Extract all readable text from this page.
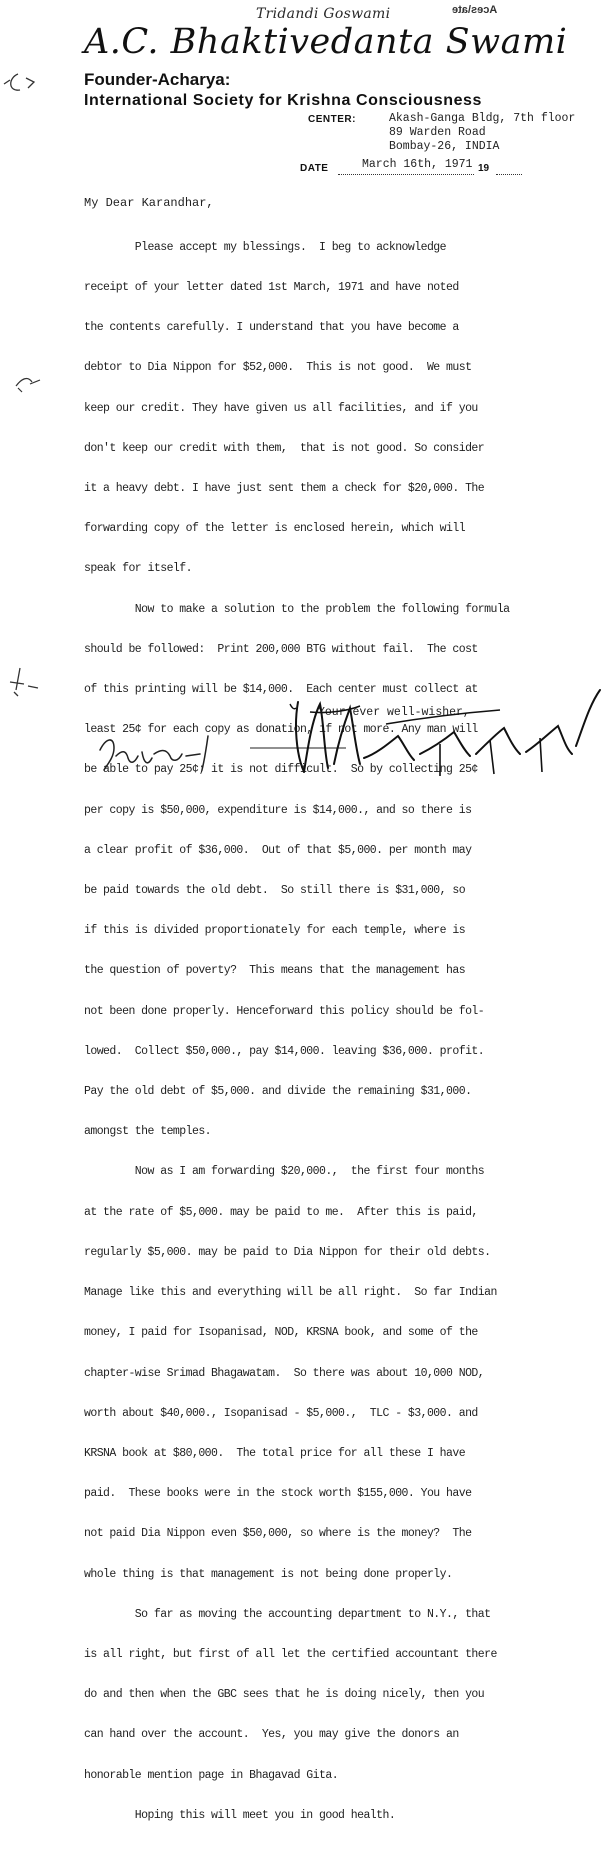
Tridandi Goswami	Aces\ate
A.C. Bhaktivedanta Swami
Founder-Acharya:
International Society for Krishna Consciousness
CENTER:	Akash-Ganga Bldg, 7th floor
89 Warden Road
Bombay-26, INDIA
DATE	March 16th, 1971 19
My Dear Karandhar,

Please accept my blessings.  I beg to acknowledge

receipt of your letter dated 1st March, 1971 and have noted

the contents carefully. I understand that you have become a

debtor to Dia Nippon for $52,000.  This is not good.  We must

keep our credit. They have given us all facilities, and if you

don't keep our credit with them,  that is not good. So consider

it a heavy debt. I have just sent them a check for $20,000. The

forwarding copy of the letter is enclosed herein, which will

speak for itself.

Now to make a solution to the problem the following formula

should be followed:  Print 200,000 BTG without fail.  The cost

of this printing will be $14,000.  Each center must collect at

least 25¢ for each copy as donation, if not more. Any man will

be able to pay 25¢; it is not difficult.  So by collecting 25¢

per copy is $50,000, expenditure is $14,000., and so there is

a clear profit of $36,000.  Out of that $5,000. per month may

be paid towards the old debt.  So still there is $31,000, so

if this is divided proportionately for each temple, where is

the question of poverty?  This means that the management has

not been done properly. Henceforward this policy should be fol-

lowed.  Collect $50,000., pay $14,000. leaving $36,000. profit.

Pay the old debt of $5,000. and divide the remaining $31,000.

amongst the temples.

Now as I am forwarding $20,000.,  the first four months

at the rate of $5,000. may be paid to me.  After this is paid,

regularly $5,000. may be paid to Dia Nippon for their old debts.

Manage like this and everything will be all right.  So far Indian

money, I paid for Isopanisad, NOD, KRSNA book, and some of the

chapter-wise Srimad Bhagawatam.  So there was about 10,000 NOD,

worth about $40,000., Isopanisad - $5,000.,  TLC - $3,000. and

KRSNA book at $80,000.  The total price for all these I have

paid.  These books were in the stock worth $155,000. You have

not paid Dia Nippon even $50,000, so where is the money?  The

whole thing is that management is not being done properly.

So far as moving the accounting department to N.Y., that

is all right, but first of all let the certified accountant there

do and then when the GBC sees that he is doing nicely, then you

can hand over the account.  Yes, you may give the donors an

honorable mention page in Bhagavad Gita.

Hoping this will meet you in good health.

Your ever well-wisher,
